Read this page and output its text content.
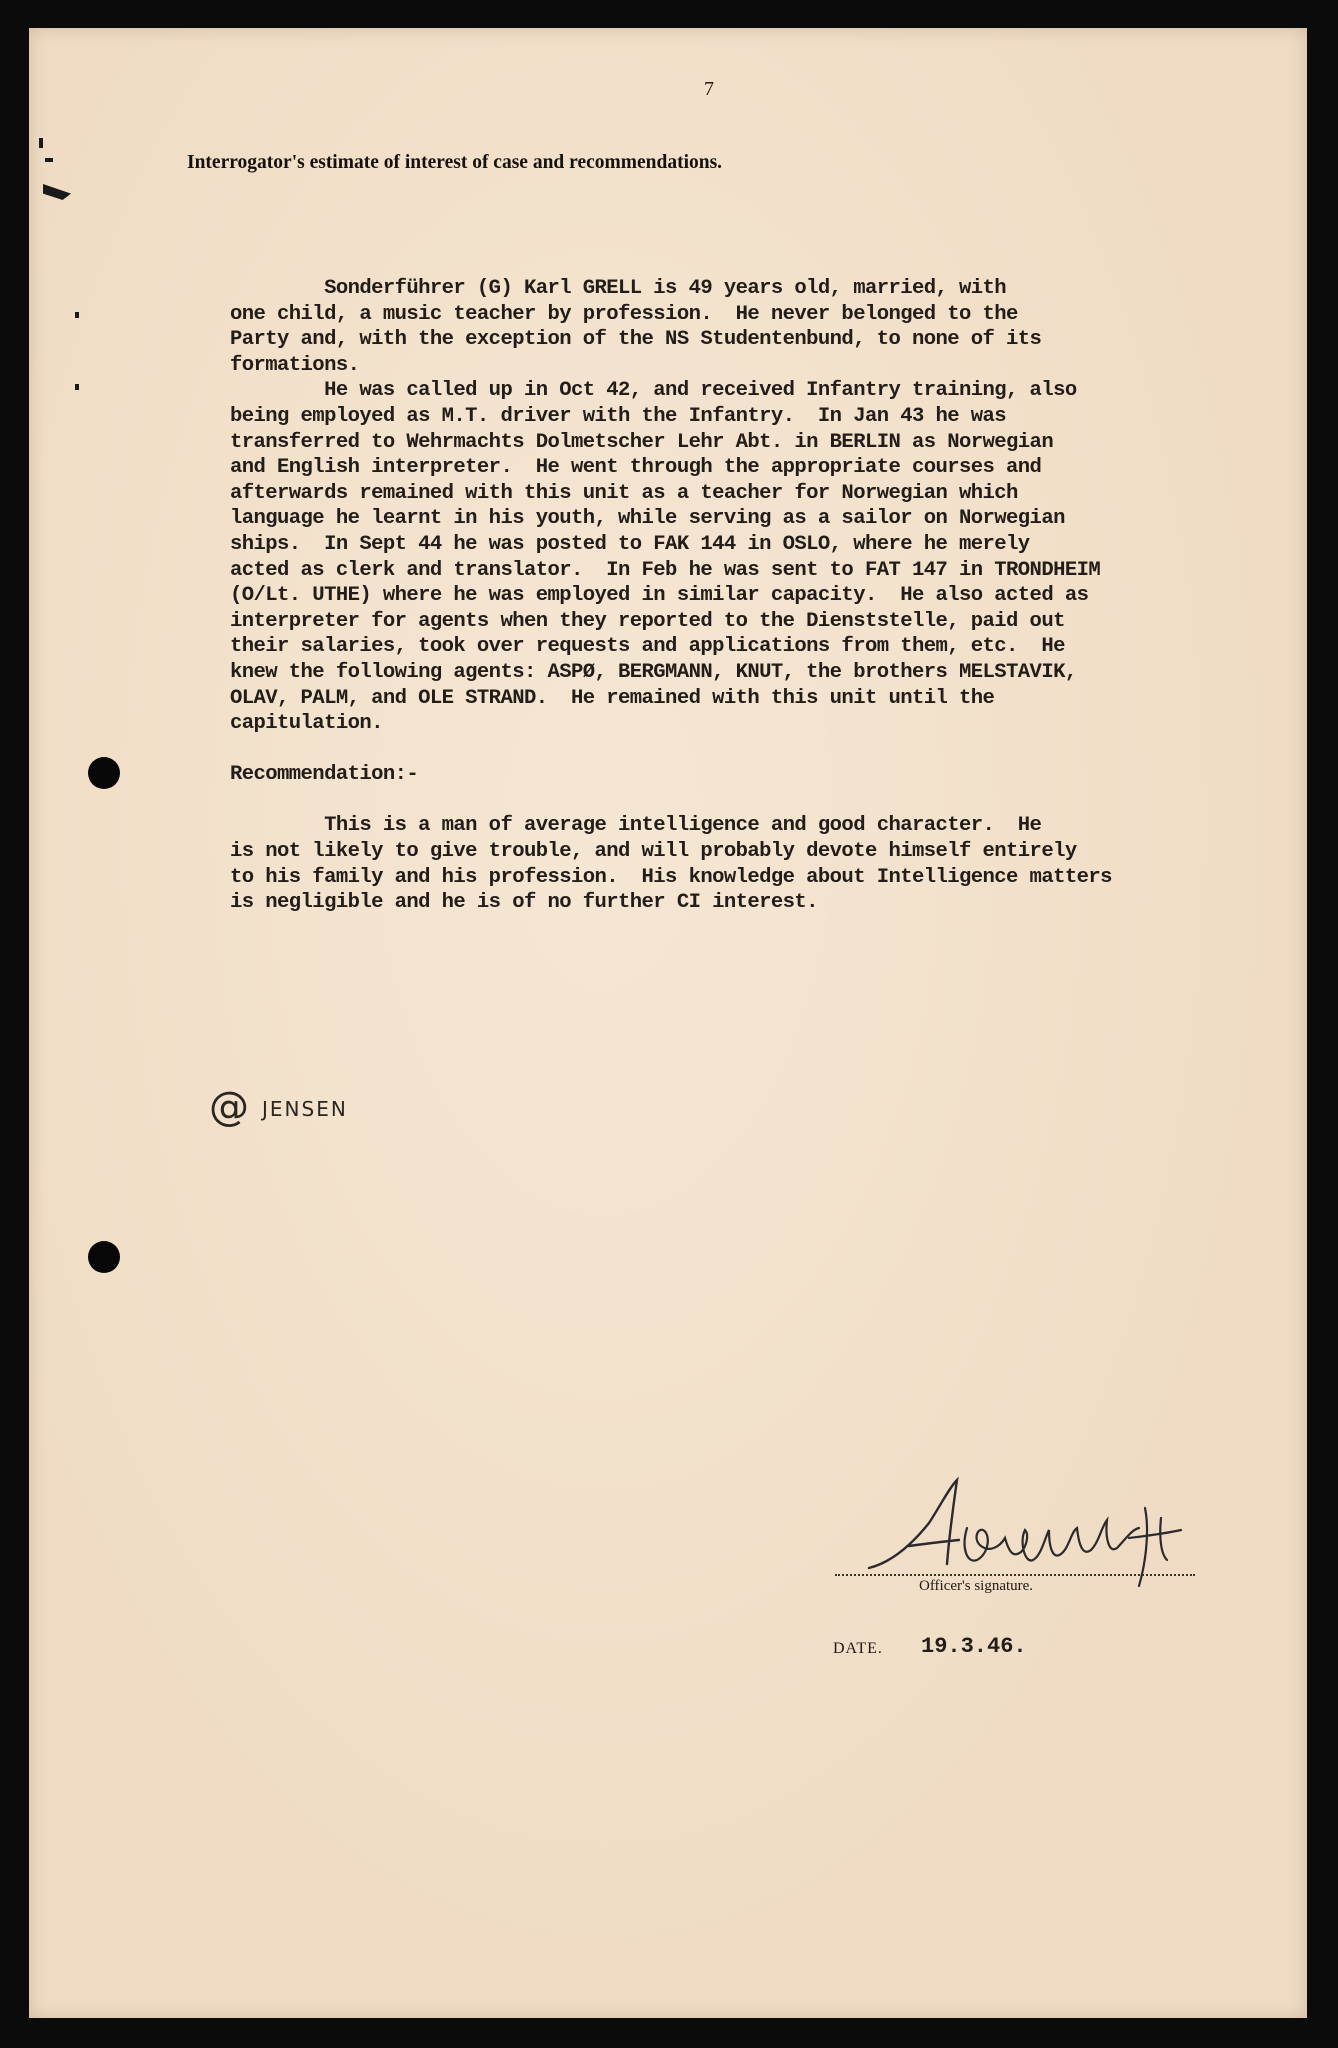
7
Interrogator's estimate of interest of case and recommendations.

Sonderführer (G) Karl GRELL is 49 years old, married, with
one child, a music teacher by profession.  He never belonged to the
Party and, with the exception of the NS Studentenbund, to none of its
formations.

He was called up in Oct 42, and received Infantry training, also
being employed as M.T. driver with the Infantry.  In Jan 43 he was
transferred to Wehrmachts Dolmetscher Lehr Abt. in BERLIN as Norwegian
and English interpreter.  He went through the appropriate courses and
afterwards remained with this unit as a teacher for Norwegian which
language he learnt in his youth, while serving as a sailor on Norwegian
ships.  In Sept 44 he was posted to FAK 144 in OSLO, where he merely
acted as clerk and translator.  In Feb he was sent to FAT 147 in TRONDHEIM
(O/Lt. UTHE) where he was employed in similar capacity.  He also acted as
interpreter for agents when they reported to the Dienststelle, paid out
their salaries, took over requests and applications from them, etc.  He
knew the following agents: ASPØ, BERGMANN, KNUT, the brothers MELSTAVIK,
OLAV, PALM, and OLE STRAND.  He remained with this unit until the
capitulation.

Recommendation:-

This is a man of average intelligence and good character.  He
is not likely to give trouble, and will probably devote himself entirely
to his family and his profession.  His knowledge about Intelligence matters
is negligible and he is of no further CI interest.

@ JENSEN
Officer's signature.
DATE. 19.3.46.
